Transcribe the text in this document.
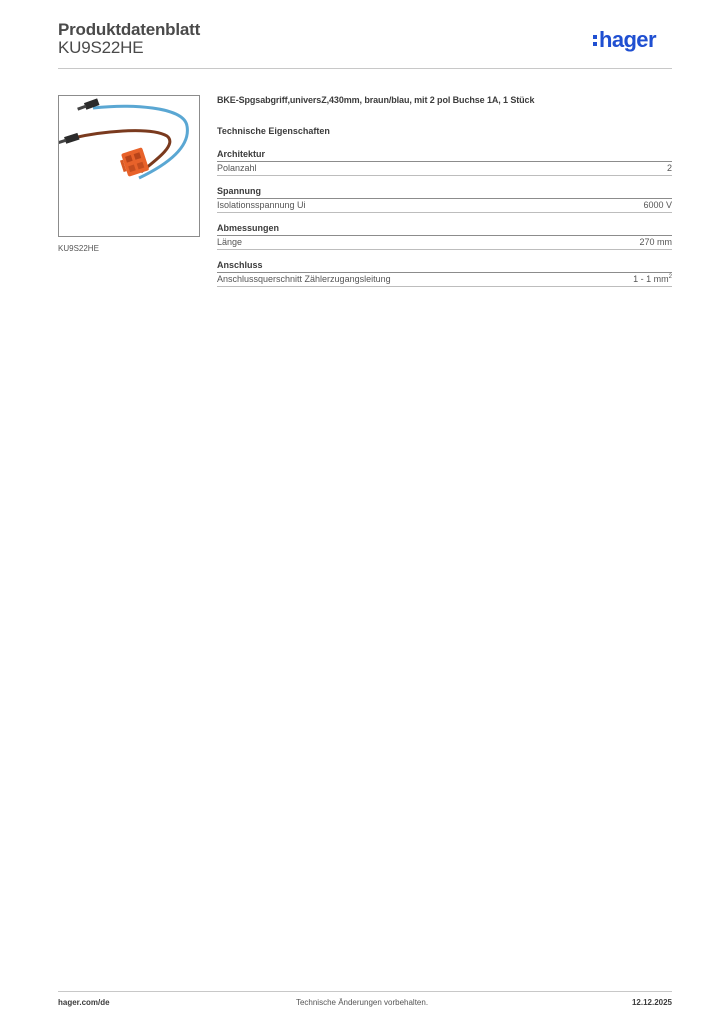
Produktdatenblatt
KU9S22HE	hager
KU9S22HE
BKE-Spgsabgriff,universZ,430mm, braun/blau, mit 2 pol Buchse 1A, 1 Stück
Technische Eigenschaften
Architektur
Polanzahl	2
Spannung
Isolationsspannung Ui	6000 V
Abmessungen
Länge	270 mm
Anschluss
Anschlussquerschnitt Zählerzugangsleitung	1 - 1 $mm^2$
hager.com/de	Technische Änderungen vorbehalten.	12.12.2025
